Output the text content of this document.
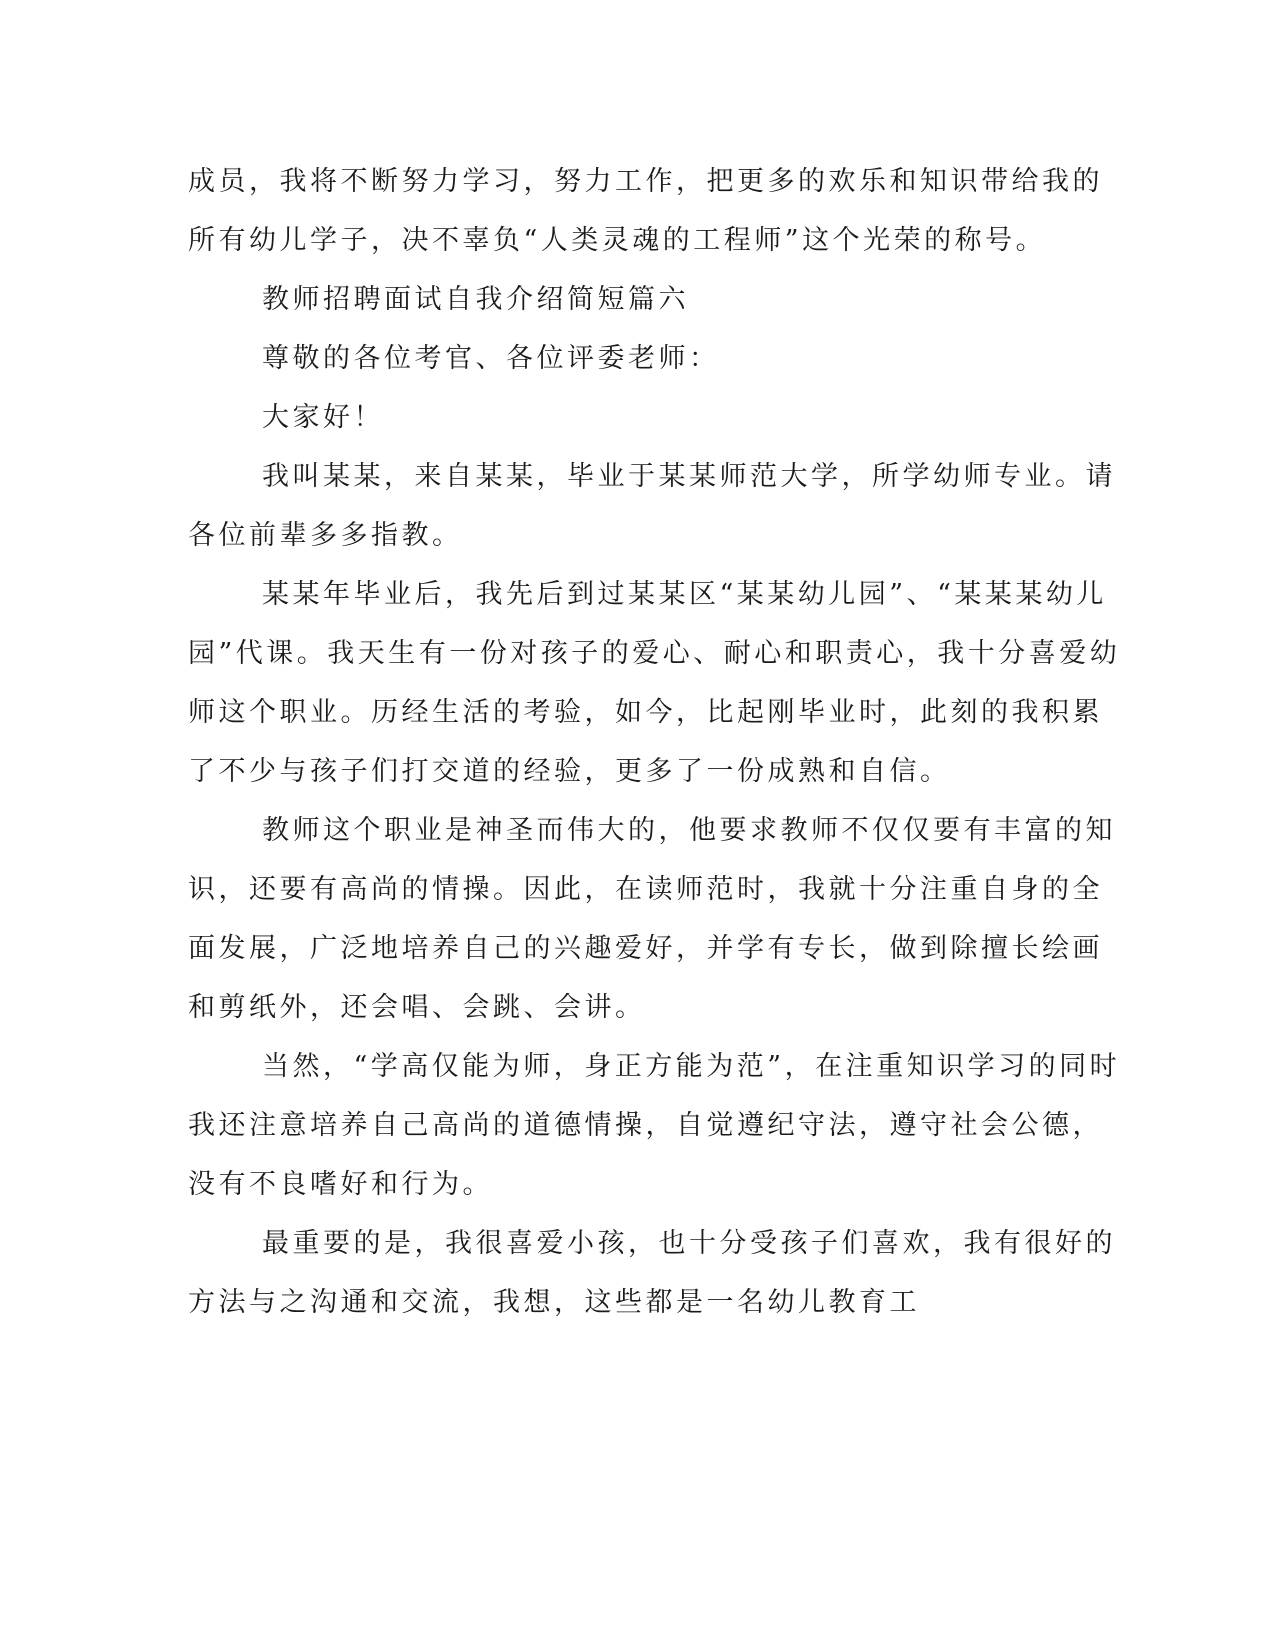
成员，我将不断努力学习，努力工作，把更多的欢乐和知识带给我的
所有幼儿学子，决不辜负“人类灵魂的工程师”这个光荣的称号。
教师招聘面试自我介绍简短篇六
尊敬的各位考官、各位评委老师：
大家好！
我叫某某，来自某某，毕业于某某师范大学，所学幼师专业。请
各位前辈多多指教。
某某年毕业后，我先后到过某某区“某某幼儿园”、“某某某幼儿
园”代课。我天生有一份对孩子的爱心、耐心和职责心，我十分喜爱幼
师这个职业。历经生活的考验，如今，比起刚毕业时，此刻的我积累
了不少与孩子们打交道的经验，更多了一份成熟和自信。
教师这个职业是神圣而伟大的，他要求教师不仅仅要有丰富的知
识，还要有高尚的情操。因此，在读师范时，我就十分注重自身的全
面发展，广泛地培养自己的兴趣爱好，并学有专长，做到除擅长绘画
和剪纸外，还会唱、会跳、会讲。
当然，“学高仅能为师，身正方能为范”，在注重知识学习的同时
我还注意培养自己高尚的道德情操，自觉遵纪守法，遵守社会公德，
没有不良嗜好和行为。
最重要的是，我很喜爱小孩，也十分受孩子们喜欢，我有很好的
方法与之沟通和交流，我想，这些都是一名幼儿教育工
